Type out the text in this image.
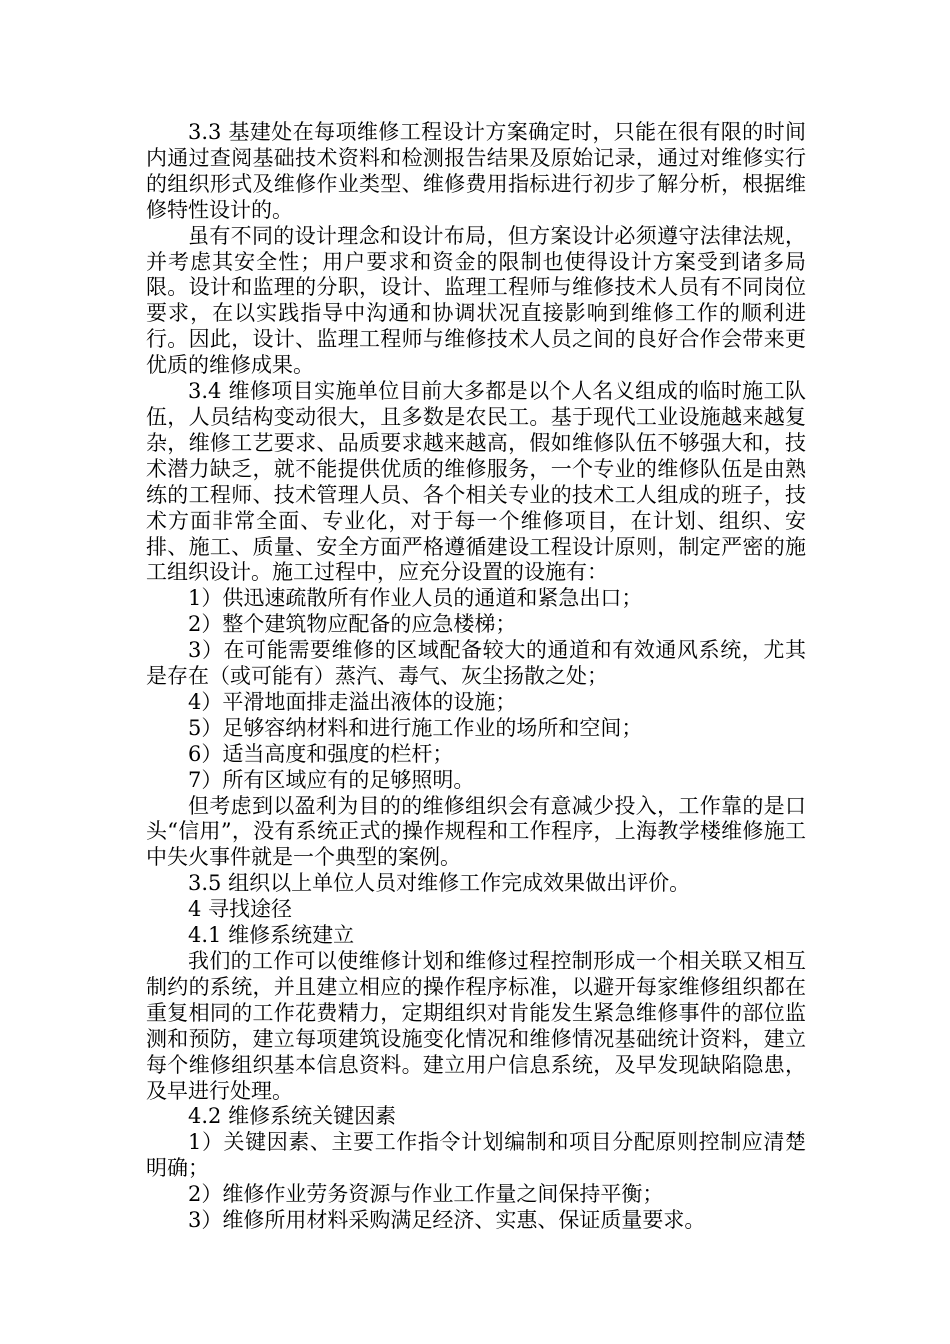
3.3 基建处在每项维修工程设计方案确定时，只能在很有限的时间内通过查阅基础技术资料和检测报告结果及原始记录，通过对维修实行的组织形式及维修作业类型、维修费用指标进行初步了解分析，根据维修特性设计的。

虽有不同的设计理念和设计布局，但方案设计必须遵守法律法规，并考虑其安全性；用户要求和资金的限制也使得设计方案受到诸多局限。设计和监理的分职，设计、监理工程师与维修技术人员有不同岗位要求，在以实践指导中沟通和协调状况直接影响到维修工作的顺利进行。因此，设计、监理工程师与维修技术人员之间的良好合作会带来更优质的维修成果。

3.4 维修项目实施单位目前大多都是以个人名义组成的临时施工队伍，人员结构变动很大，且多数是农民工。基于现代工业设施越来越复杂，维修工艺要求、品质要求越来越高，假如维修队伍不够强大和，技术潜力缺乏，就不能提供优质的维修服务，一个专业的维修队伍是由熟练的工程师、技术管理人员、各个相关专业的技术工人组成的班子，技术方面非常全面、专业化，对于每一个维修项目，在计划、组织、安排、施工、质量、安全方面严格遵循建设工程设计原则，制定严密的施工组织设计。施工过程中，应充分设置的设施有：

1）供迅速疏散所有作业人员的通道和紧急出口；

2）整个建筑物应配备的应急楼梯；

3）在可能需要维修的区域配备较大的通道和有效通风系统，尤其是存在（或可能有）蒸汽、毒气、灰尘扬散之处；

4）平滑地面排走溢出液体的设施；

5）足够容纳材料和进行施工作业的场所和空间；

6）适当高度和强度的栏杆；

7）所有区域应有的足够照明。

但考虑到以盈利为目的的维修组织会有意减少投入，工作靠的是口头“信用”，没有系统正式的操作规程和工作程序，上海教学楼维修施工中失火事件就是一个典型的案例。

3.5 组织以上单位人员对维修工作完成效果做出评价。

4 寻找途径

4.1 维修系统建立

我们的工作可以使维修计划和维修过程控制形成一个相关联又相互制约的系统，并且建立相应的操作程序标准，以避开每家维修组织都在重复相同的工作花费精力，定期组织对肯能发生紧急维修事件的部位监测和预防，建立每项建筑设施变化情况和维修情况基础统计资料，建立每个维修组织基本信息资料。建立用户信息系统，及早发现缺陷隐患，及早进行处理。

4.2 维修系统关键因素

1）关键因素、主要工作指令计划编制和项目分配原则控制应清楚明确；

2）维修作业劳务资源与作业工作量之间保持平衡；

3）维修所用材料采购满足经济、实惠、保证质量要求。
